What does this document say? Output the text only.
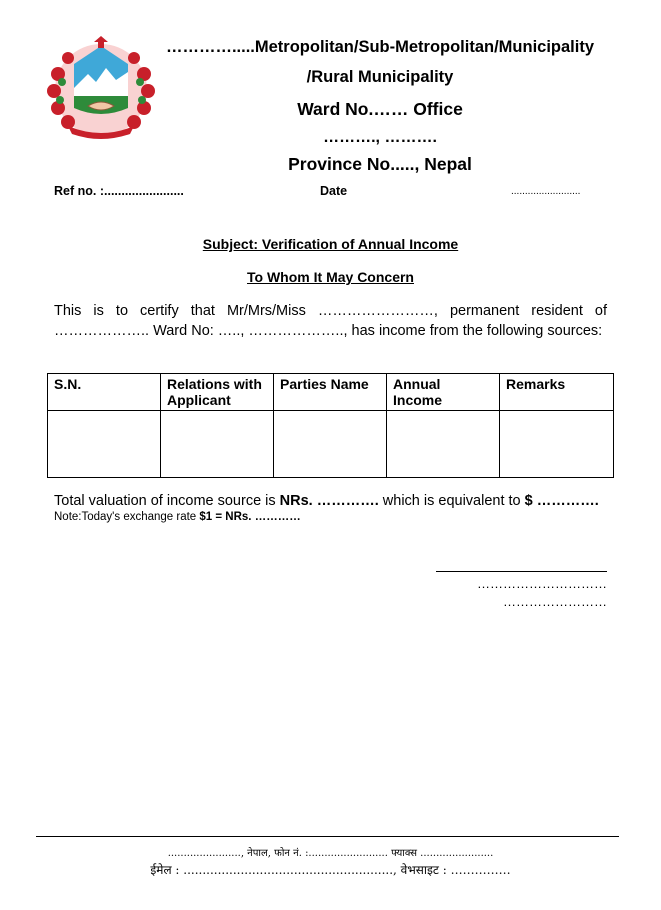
………….....Metropolitan/Sub-Metropolitan/Municipality
/Rural Municipality
Ward No.…… Office
………., ……….
Province No....., Nepal
Ref no. :.......................	Date	.........................
Subject: Verification of Annual Income
To Whom It May Concern
This is to certify that Mr/Mrs/Miss ……………………, permanent resident of ……………….. Ward No: ….., ……………….., has income from the following sources:
S.N.	Relations with Applicant	Parties Name	Annual Income	Remarks

Total valuation of income source is NRs. …………. which is equivalent to $ ………….
Note:Today's exchange rate $1 = NRs. …………
…………………………
……………………
......................., नेपाल, फोन नं. :......................... फ्याक्स .......................
ईमेल : ......................................................., वेभसाइट : ……………
